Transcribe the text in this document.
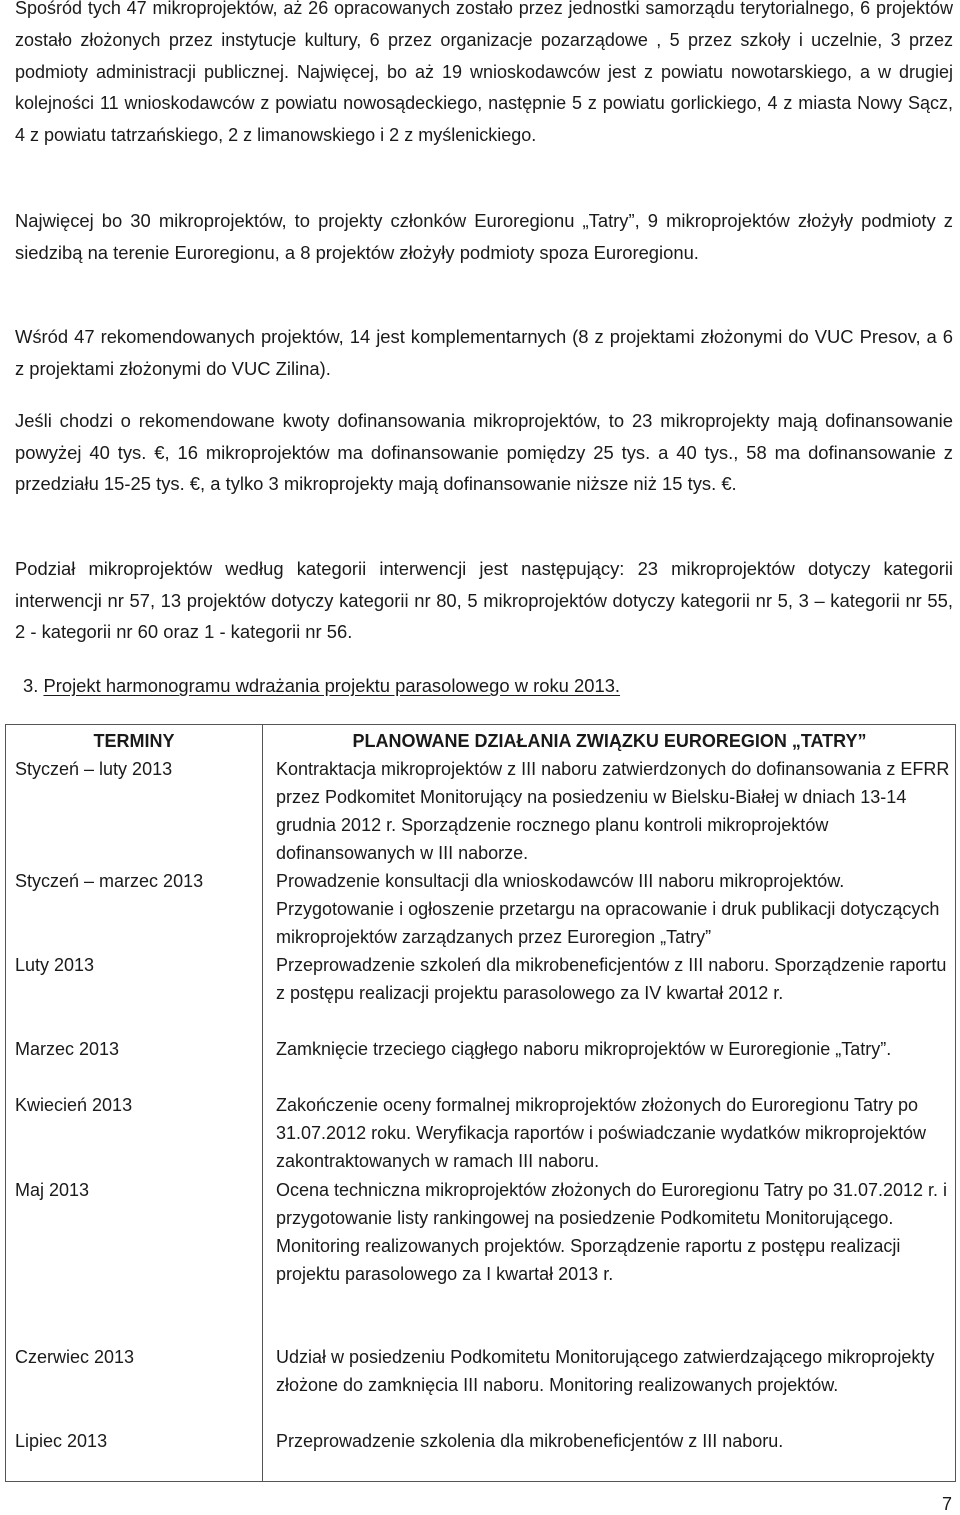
Spośród tych 47 mikroprojektów, aż 26 opracowanych zostało przez jednostki samorządu terytorialnego, 6 projektów zostało złożonych przez instytucje kultury, 6 przez organizacje pozarządowe , 5 przez szkoły i uczelnie, 3 przez podmioty administracji publicznej. Najwięcej, bo aż 19 wnioskodawców jest z powiatu nowotarskiego, a w drugiej kolejności 11 wnioskodawców z powiatu nowosądeckiego, następnie 5 z powiatu gorlickiego, 4 z miasta Nowy Sącz, 4 z powiatu tatrzańskiego, 2 z limanowskiego i 2 z myślenickiego.

Najwięcej bo 30 mikroprojektów, to projekty członków Euroregionu „Tatry”, 9 mikroprojektów złożyły podmioty z siedzibą na terenie Euroregionu, a 8 projektów złożyły podmioty spoza Euroregionu.

Wśród 47 rekomendowanych projektów, 14 jest komplementarnych (8 z projektami złożonymi do VUC Presov, a 6 z projektami złożonymi do VUC Zilina).

Jeśli chodzi o rekomendowane kwoty dofinansowania mikroprojektów, to 23 mikroprojekty mają dofinansowanie powyżej 40 tys. €, 16 mikroprojektów ma dofinansowanie pomiędzy 25 tys. a 40 tys., 58 ma dofinansowanie z przedziału 15-25 tys. €, a tylko 3 mikroprojekty mają dofinansowanie niższe niż 15 tys. €.

Podział mikroprojektów według kategorii interwencji jest następujący: 23 mikroprojektów dotyczy kategorii interwencji nr 57, 13 projektów dotyczy kategorii nr 80, 5 mikroprojektów dotyczy kategorii nr 5, 3 – kategorii nr 55, 2 - kategorii nr 60 oraz 1 - kategorii nr 56.

3. Projekt harmonogramu wdrażania projektu parasolowego w roku 2013.

TERMINY	PLANOWANE DZIAŁANIA ZWIĄZKU EUROREGION „TATRY”
Styczeń – luty 2013	Kontraktacja mikroprojektów z III naboru zatwierdzonych do dofinansowania z EFRR przez Podkomitet Monitorujący na posiedzeniu w Bielsku-Białej w dniach 13-14 grudnia 2012 r. Sporządzenie rocznego planu kontroli mikroprojektów dofinansowanych w III naborze.

Styczeń – marzec 2013	Prowadzenie konsultacji dla wnioskodawców III naboru mikroprojektów. Przygotowanie i ogłoszenie przetargu na opracowanie i druk publikacji dotyczących mikroprojektów zarządzanych przez Euroregion „Tatry”

Luty 2013	Przeprowadzenie szkoleń dla mikrobeneficjentów z III naboru. Sporządzenie raportu z postępu realizacji projektu parasolowego za IV kwartał 2012 r.

Marzec 2013	Zamknięcie trzeciego ciągłego naboru mikroprojektów w Euroregionie „Tatry”.

Kwiecień 2013	Zakończenie oceny formalnej mikroprojektów złożonych do Euroregionu Tatry po 31.07.2012 roku. Weryfikacja raportów i poświadczanie wydatków mikroprojektów zakontraktowanych w ramach III naboru.

Maj 2013	Ocena techniczna mikroprojektów złożonych do Euroregionu Tatry po 31.07.2012 r. i przygotowanie listy rankingowej na posiedzenie Podkomitetu Monitorującego. Monitoring realizowanych projektów. Sporządzenie raportu z postępu realizacji projektu parasolowego za I kwartał 2013 r.

Czerwiec 2013	Udział w posiedzeniu Podkomitetu Monitorującego zatwierdzającego mikroprojekty złożone do zamknięcia III naboru. Monitoring realizowanych projektów.

Lipiec 2013	Przeprowadzenie szkolenia dla mikrobeneficjentów z III naboru.

7
